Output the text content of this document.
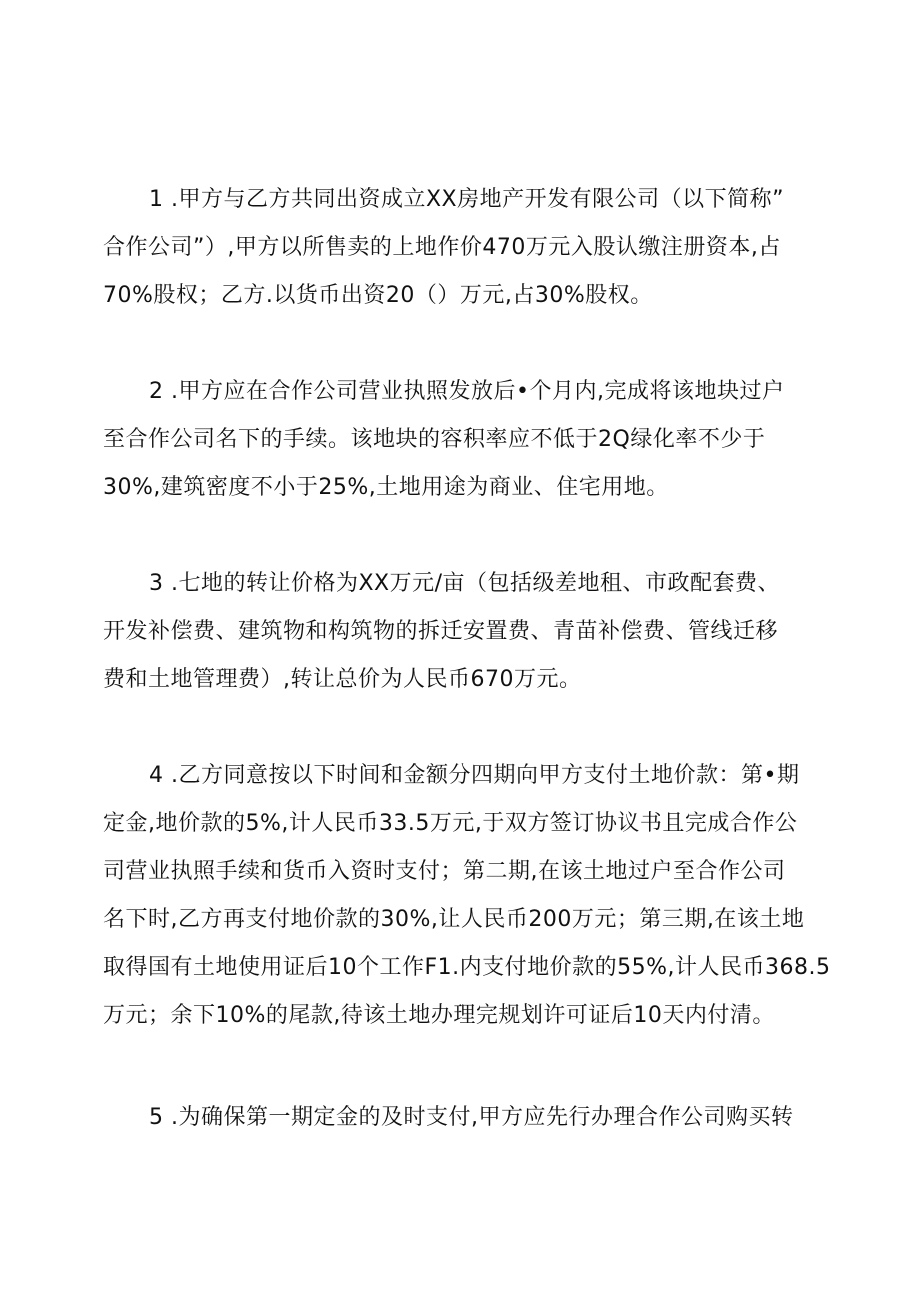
1 .甲方与乙方共同出资成立XX房地产开发有限公司（以下简称”
合作公司”）,甲方以所售卖的上地作价470万元入股认缴注册资本,占
70%股权；乙方.以货币出资20（）万元,占30%股权。
2 .甲方应在合作公司营业执照发放后•个月内,完成将该地块过户
至合作公司名下的手续。该地块的容积率应不低于2Q绿化率不少于
30%,建筑密度不小于25%,土地用途为商业、住宅用地。
3 .七地的转让价格为XX万元/亩（包括级差地租、市政配套费、
开发补偿费、建筑物和构筑物的拆迁安置费、青苗补偿费、管线迁移
费和土地管理费）,转让总价为人民币670万元。
4 .乙方同意按以下时间和金额分四期向甲方支付土地价款：第•期
定金,地价款的5%,计人民币33.5万元,于双方签订协议书且完成合作公
司营业执照手续和货币入资时支付；第二期,在该土地过户至合作公司
名下时,乙方再支付地价款的30%,让人民币200万元；第三期,在该土地
取得国有土地使用证后10个工作F1.内支付地价款的55%,计人民币368.5
万元；余下10%的尾款,待该土地办理完规划许可证后10天内付清。
5 .为确保第一期定金的及时支付,甲方应先行办理合作公司购买转
